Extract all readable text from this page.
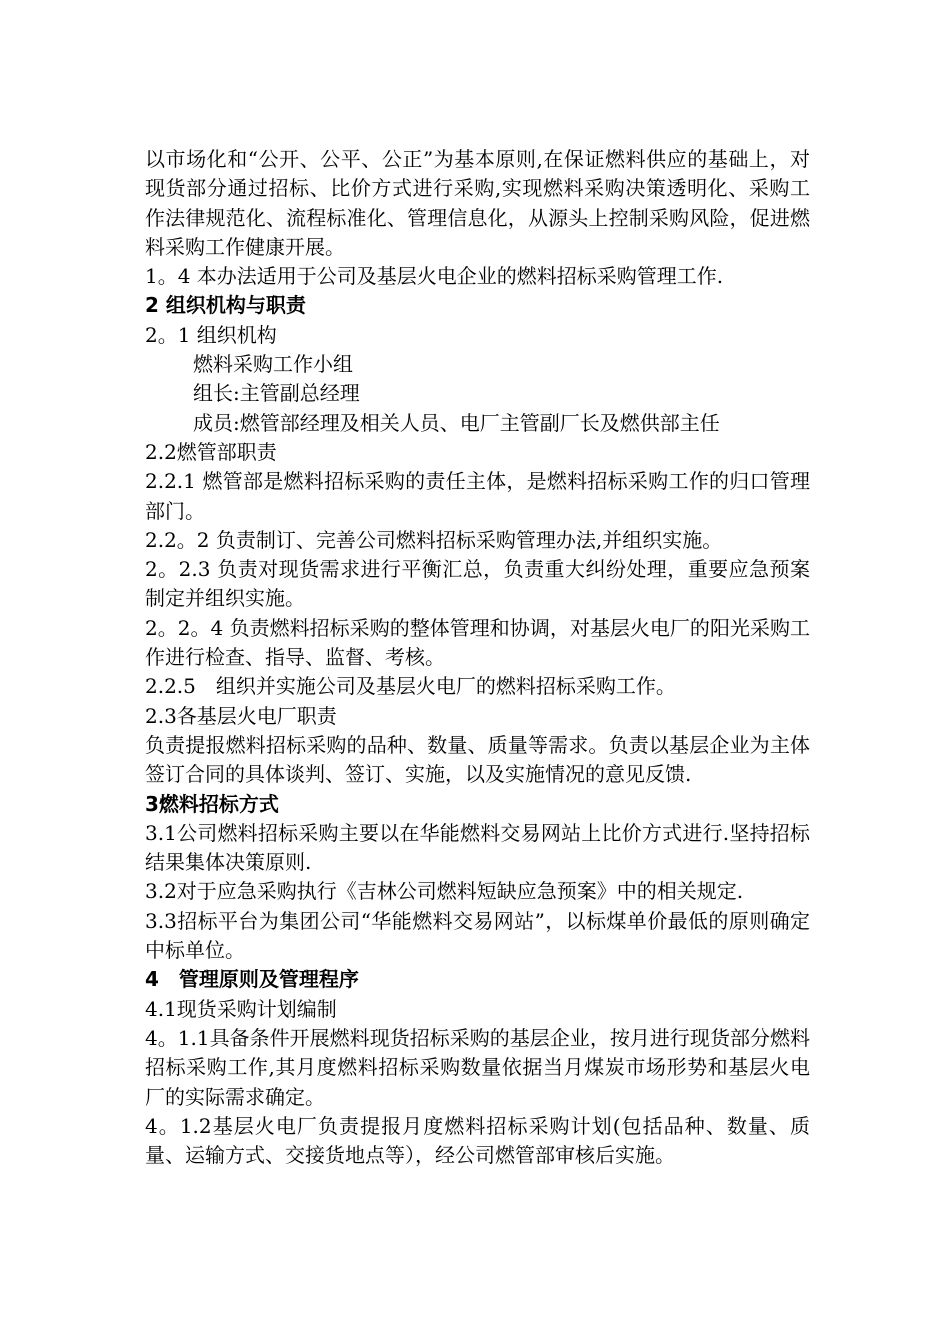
以市场化和“公开、公平、公正”为基本原则,在保证燃料供应的基础上，对现货部分通过招标、比价方式进行采购,实现燃料采购决策透明化、采购工作法律规范化、流程标准化、管理信息化，从源头上控制采购风险，促进燃料采购工作健康开展。

1。4 本办法适用于公司及基层火电企业的燃料招标采购管理工作.

2 组织机构与职责

2。1 组织机构

燃料采购工作小组

组长:主管副总经理

成员:燃管部经理及相关人员、电厂主管副厂长及燃供部主任

2.2燃管部职责

2.2.1 燃管部是燃料招标采购的责任主体，是燃料招标采购工作的归口管理部门。

2.2。2 负责制订、完善公司燃料招标采购管理办法,并组织实施。

2。2.3 负责对现货需求进行平衡汇总，负责重大纠纷处理，重要应急预案制定并组织实施。

2。2。4 负责燃料招标采购的整体管理和协调，对基层火电厂的阳光采购工作进行检查、指导、监督、考核。

2.2.5　组织并实施公司及基层火电厂的燃料招标采购工作。

2.3各基层火电厂职责

负责提报燃料招标采购的品种、数量、质量等需求。负责以基层企业为主体签订合同的具体谈判、签订、实施，以及实施情况的意见反馈.

3燃料招标方式

3.1公司燃料招标采购主要以在华能燃料交易网站上比价方式进行.坚持招标结果集体决策原则.

3.2对于应急采购执行《吉林公司燃料短缺应急预案》中的相关规定.

3.3招标平台为集团公司“华能燃料交易网站”，以标煤单价最低的原则确定中标单位。

4　管理原则及管理程序

4.1现货采购计划编制

4。1.1具备条件开展燃料现货招标采购的基层企业，按月进行现货部分燃料招标采购工作,其月度燃料招标采购数量依据当月煤炭市场形势和基层火电厂的实际需求确定。

4。1.2基层火电厂负责提报月度燃料招标采购计划(包括品种、数量、质量、运输方式、交接货地点等），经公司燃管部审核后实施。
